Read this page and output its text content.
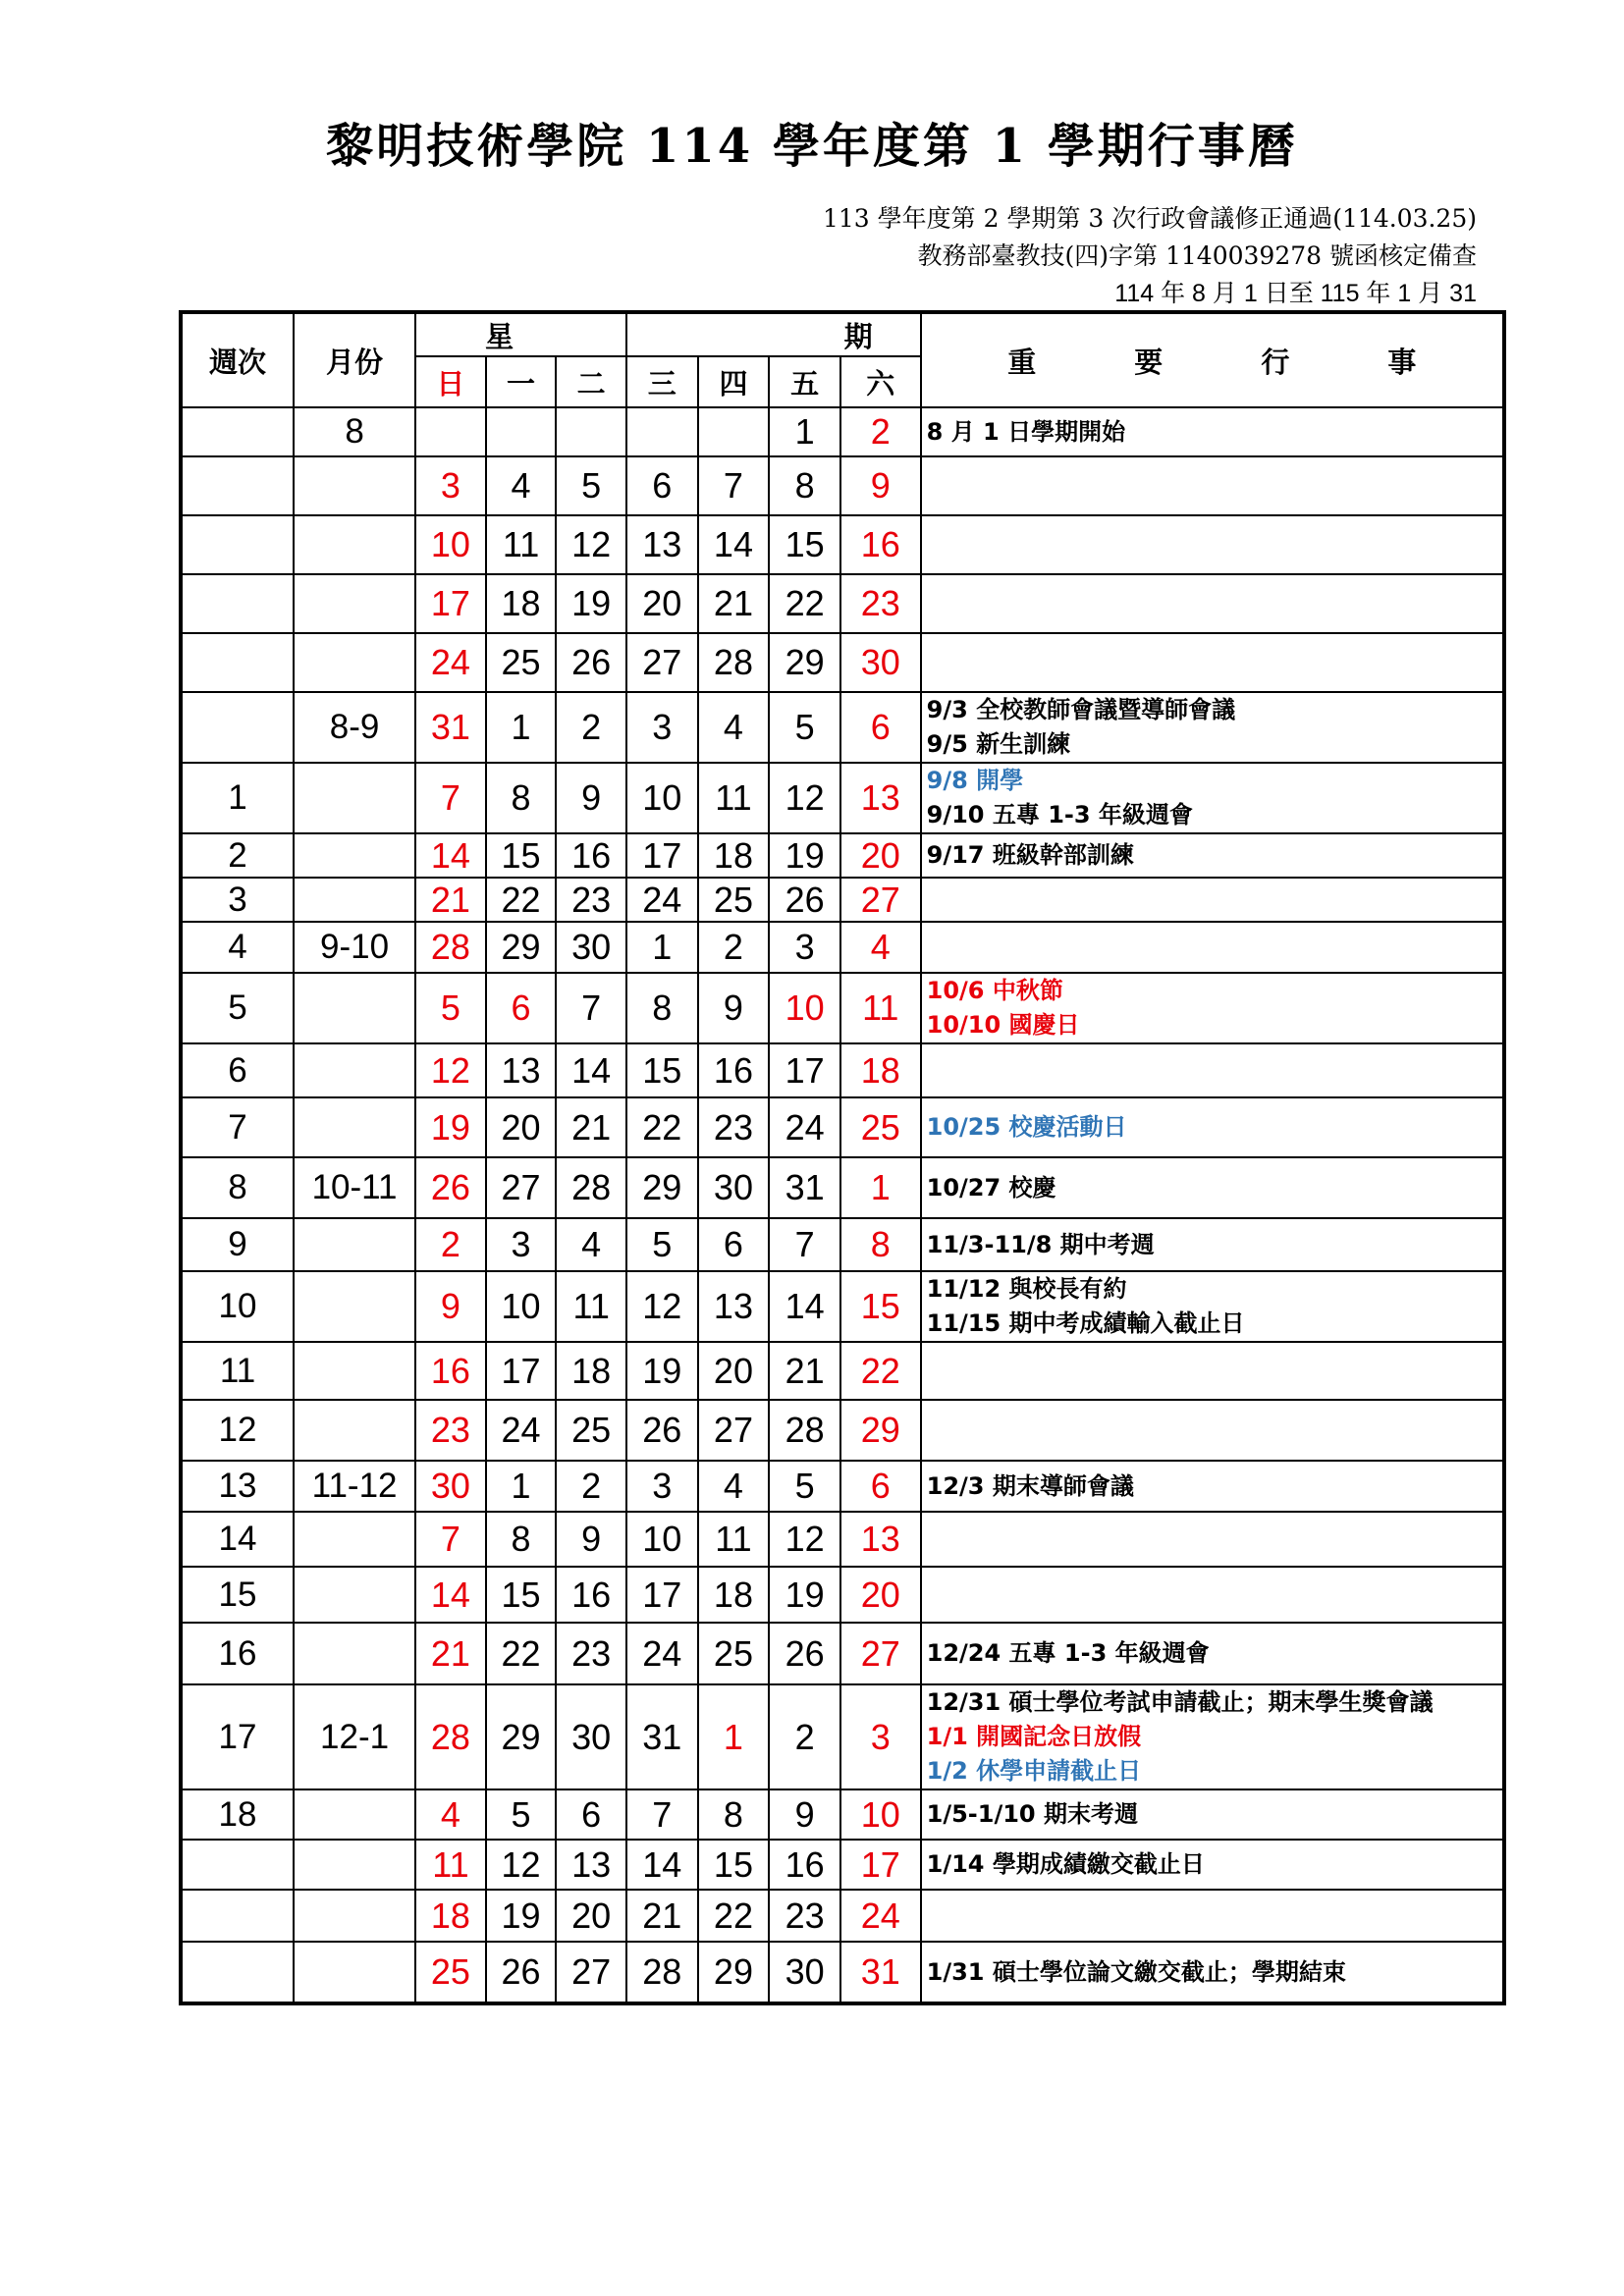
黎明技術學院 114 學年度第 1 學期行事曆
113 學年度第 2 學期第 3 次行政會議修正通過(114.03.25)
教務部臺教技(四)字第 1140039278 號函核定備查
114 年 8 月 1 日至 115 年 1 月 31
週次	月份	星			期				重 要 行 事
		日	一	二	三	四	五	六	
	8						1	2	8 月 1 日學期開始

		3	4	5	6	7	8	9	
		10	11	12	13	14	15	16	
		17	18	19	20	21	22	23	
		24	25	26	27	28	29	30	
	8-9	31	1	2	3	4	5	6	9/3 全校教師會議暨導師會議
9/5 新生訓練

1		7	8	9	10	11	12	13	9/8 開學
9/10 五專 1-3 年級週會

2		14	15	16	17	18	19	20	9/17 班級幹部訓練

3		21	22	23	24	25	26	27	
4	9-10	28	29	30	1	2	3	4	
5		5	6	7	8	9	10	11	10/6 中秋節
10/10 國慶日

6		12	13	14	15	16	17	18	
7		19	20	21	22	23	24	25	10/25 校慶活動日

8	10-11	26	27	28	29	30	31	1	10/27 校慶

9		2	3	4	5	6	7	8	11/3-11/8 期中考週

10		9	10	11	12	13	14	15	11/12 與校長有約
11/15 期中考成績輸入截止日

11		16	17	18	19	20	21	22	
12		23	24	25	26	27	28	29	
13	11-12	30	1	2	3	4	5	6	12/3 期末導師會議

14		7	8	9	10	11	12	13	
15		14	15	16	17	18	19	20	
16		21	22	23	24	25	26	27	12/24 五專 1-3 年級週會

17	12-1	28	29	30	31	1	2	3	12/31 碩士學位考試申請截止；期末學生獎會議
1/1 開國記念日放假
1/2 休學申請截止日

18		4	5	6	7	8	9	10	1/5-1/10 期末考週

		11	12	13	14	15	16	17	1/14 學期成績繳交截止日

		18	19	20	21	22	23	24	
		25	26	27	28	29	30	31	1/31 碩士學位論文繳交截止；學期結束
